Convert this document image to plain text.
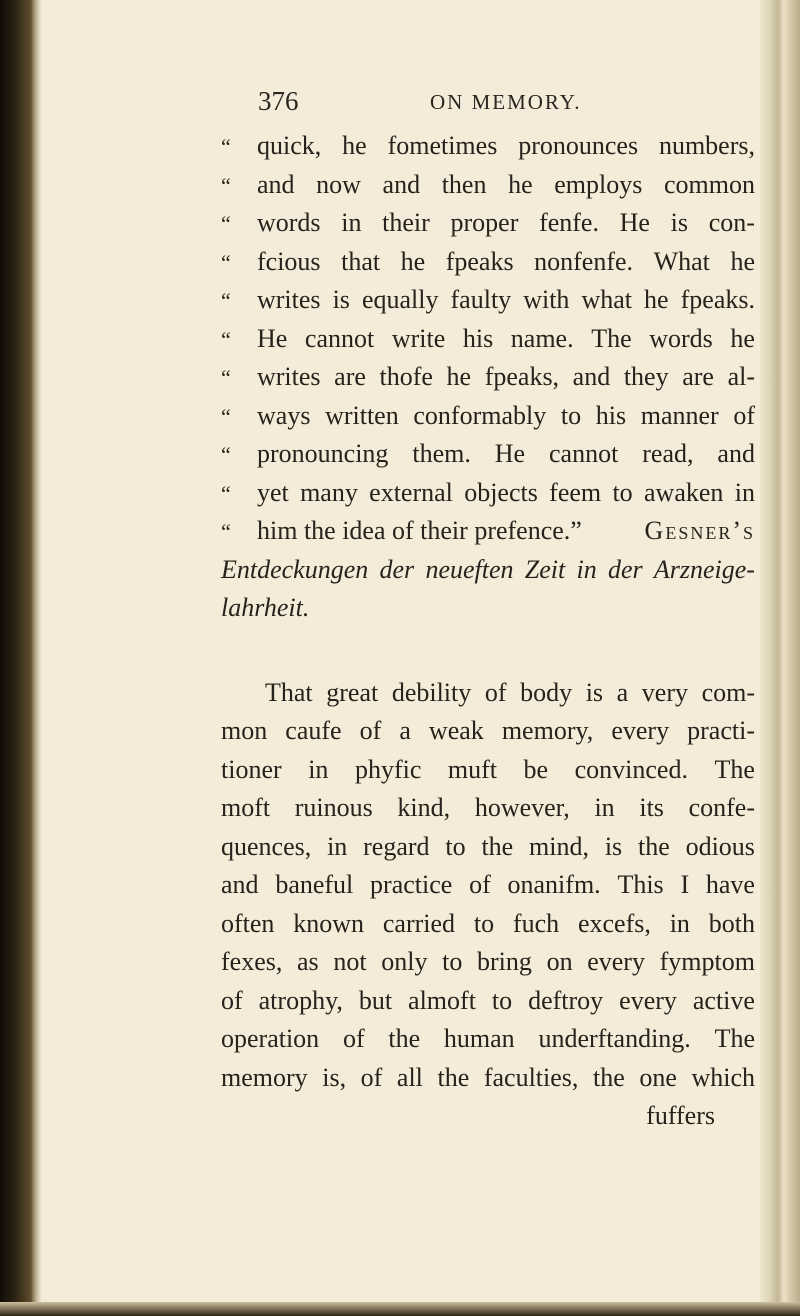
376	ON MEMORY.
“	quick, he fometimes pronounces numbers,
“	and now and then he employs common
“	words in their proper fenfe. He is con-
“	fcious that he fpeaks nonfenfe. What he
“	writes is equally faulty with what he fpeaks.
“	He cannot write his name. The words he
“	writes are thofe he fpeaks, and they are al-
“	ways written conformably to his manner of
“	pronouncing them. He cannot read, and
“	yet many external objects feem to awaken in
“	him the idea of their prefence.” Gesner’s
Entdeckungen der neueften Zeit in der Arzneige-
lahrheit.
That great debility of body is a very com-
mon caufe of a weak memory, every practi-
tioner in phyfic muft be convinced. The
moft ruinous kind, however, in its confe-
quences, in regard to the mind, is the odious
and baneful practice of onanifm. This I have
often known carried to fuch excefs, in both
fexes, as not only to bring on every fymptom
of atrophy, but almoft to deftroy every active
operation of the human underftanding. The
memory is, of all the faculties, the one which
fuffers
